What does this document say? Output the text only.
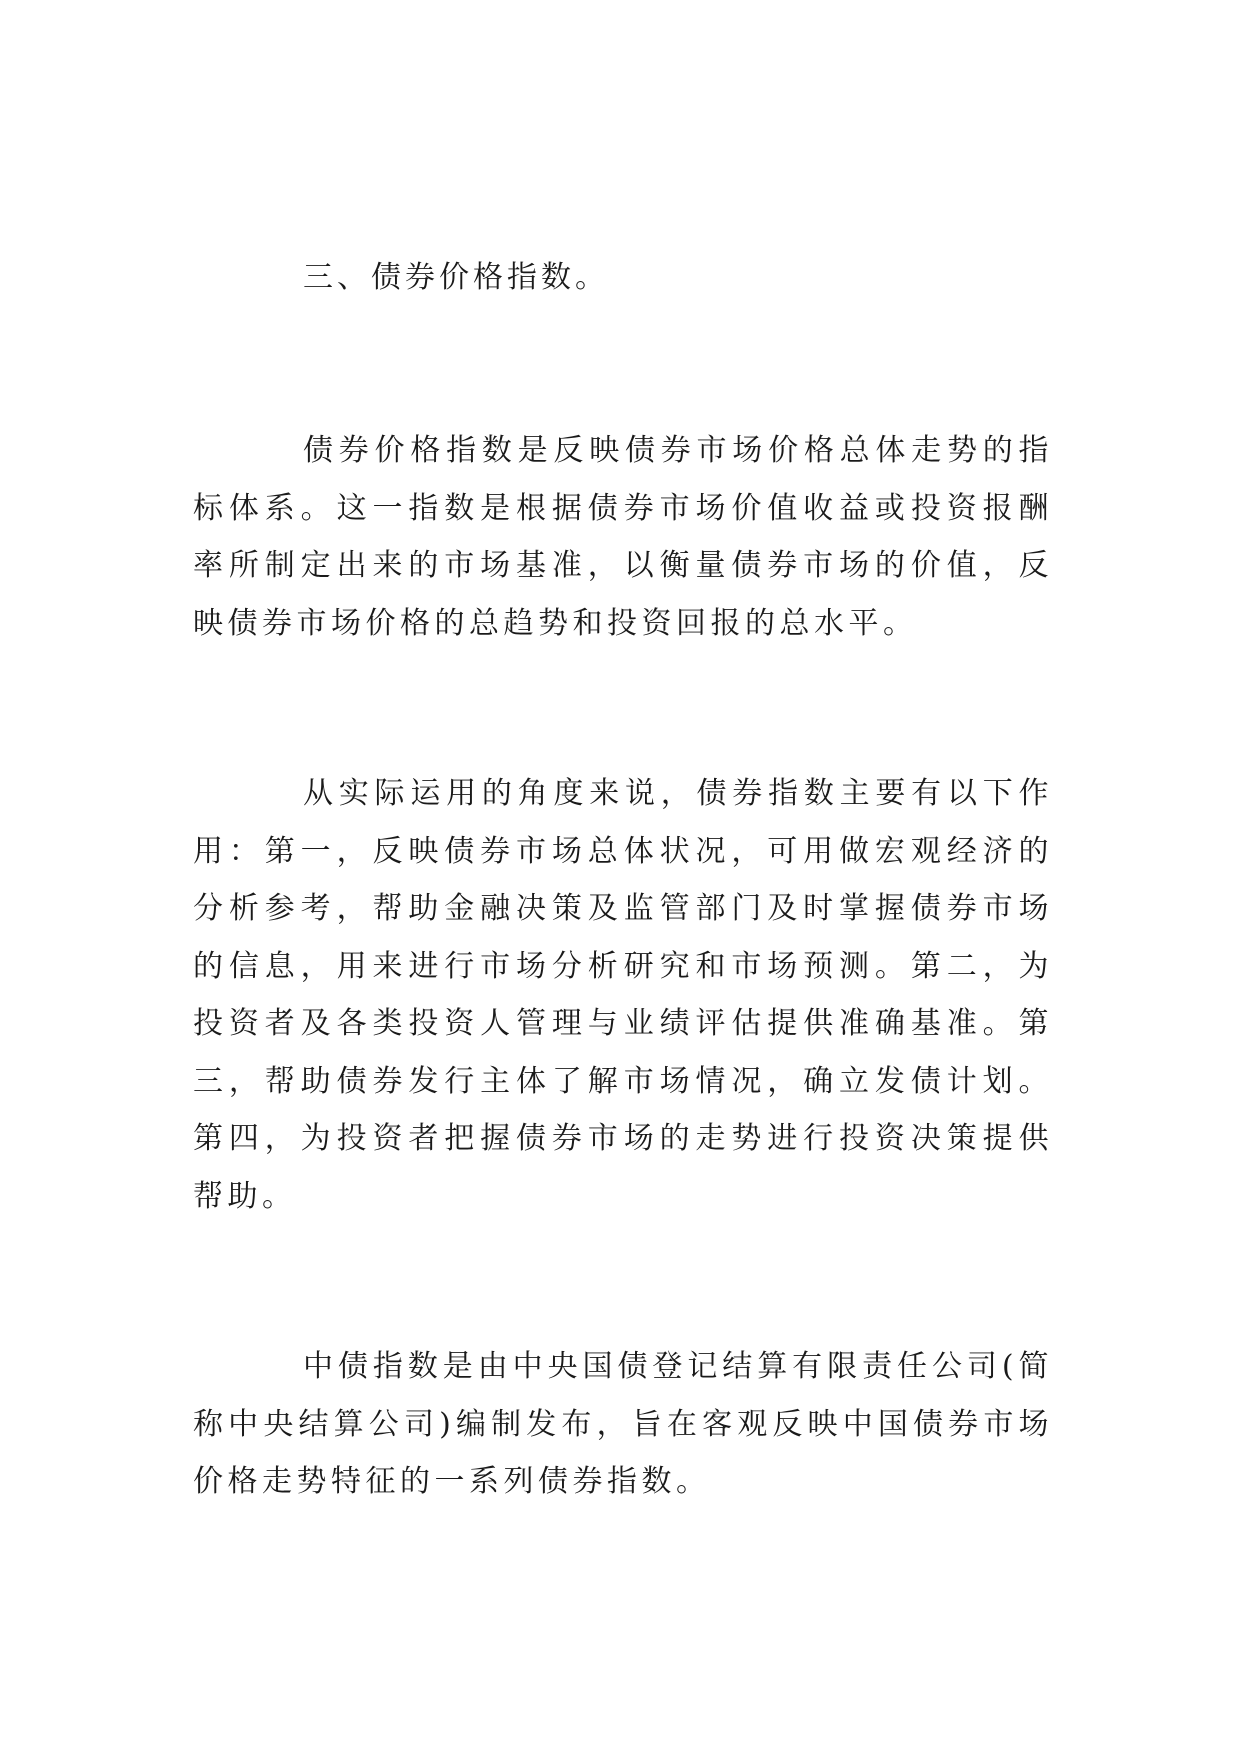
三、债券价格指数。

债券价格指数是反映债券市场价格总体走势的指标体系。这一指数是根据债券市场价值收益或投资报酬率所制定出来的市场基准，以衡量债券市场的价值，反映债券市场价格的总趋势和投资回报的总水平。

从实际运用的角度来说，债券指数主要有以下作用：第一，反映债券市场总体状况，可用做宏观经济的分析参考，帮助金融决策及监管部门及时掌握债券市场的信息，用来进行市场分析研究和市场预测。第二，为投资者及各类投资人管理与业绩评估提供准确基准。第三，帮助债券发行主体了解市场情况，确立发债计划。第四，为投资者把握债券市场的走势进行投资决策提供帮助。

中债指数是由中央国债登记结算有限责任公司(简称中央结算公司)编制发布，旨在客观反映中国债券市场价格走势特征的一系列债券指数。
